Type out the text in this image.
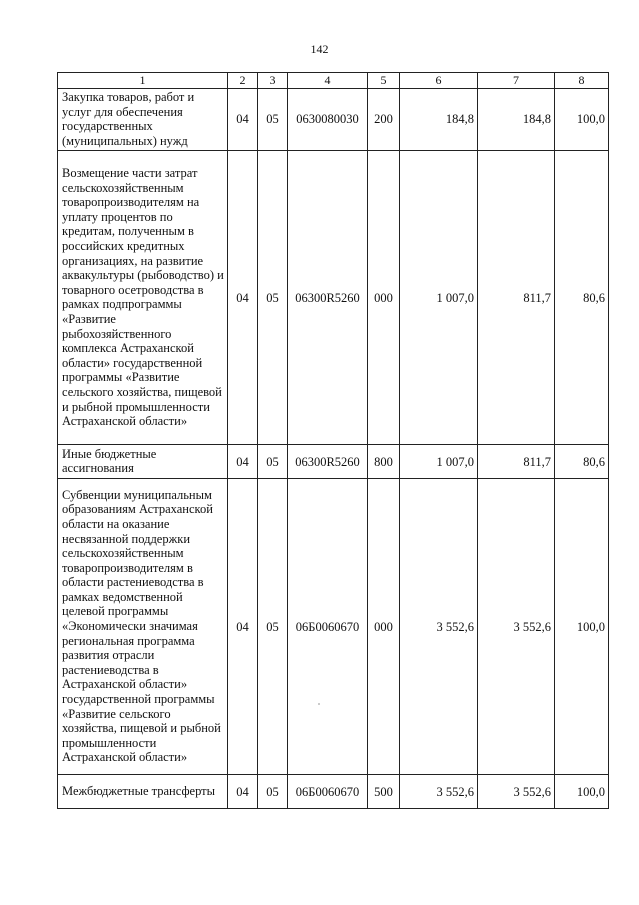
142
1	2	3	4	5	6	7	8
Закупка товаров, работ и услуг для обеспечения государственных (муниципальных) нужд	04	05	0630080030	200	184,8	184,8	100,0
Возмещение части затрат сельскохозяйственным товаропроизводителям на уплату процентов по кредитам, полученным в российских кредитных организациях, на развитие аквакультуры (рыбоводство) и товарного осетроводства в рамках подпрограммы «Развитие рыбохозяйственного комплекса Астраханской области» государственной программы «Развитие сельского хозяйства, пищевой и рыбной промышленности Астраханской области»	04	05	06300R5260	000	1 007,0	811,7	80,6
Иные бюджетные ассигнования	04	05	06300R5260	800	1 007,0	811,7	80,6
Субвенции муниципальным образованиям Астраханской области на оказание несвязанной поддержки сельскохозяйственным товаропроизводителям в области растениеводства в рамках ведомственной целевой программы «Экономически значимая региональная программа развития отрасли растениеводства в Астраханской области» государственной программы «Развитие сельского хозяйства, пищевой и рыбной промышленности Астраханской области»	04	05	06Б0060670	000	3 552,6	3 552,6	100,0
Межбюджетные трансферты	04	05	06Б0060670	500	3 552,6	3 552,6	100,0
